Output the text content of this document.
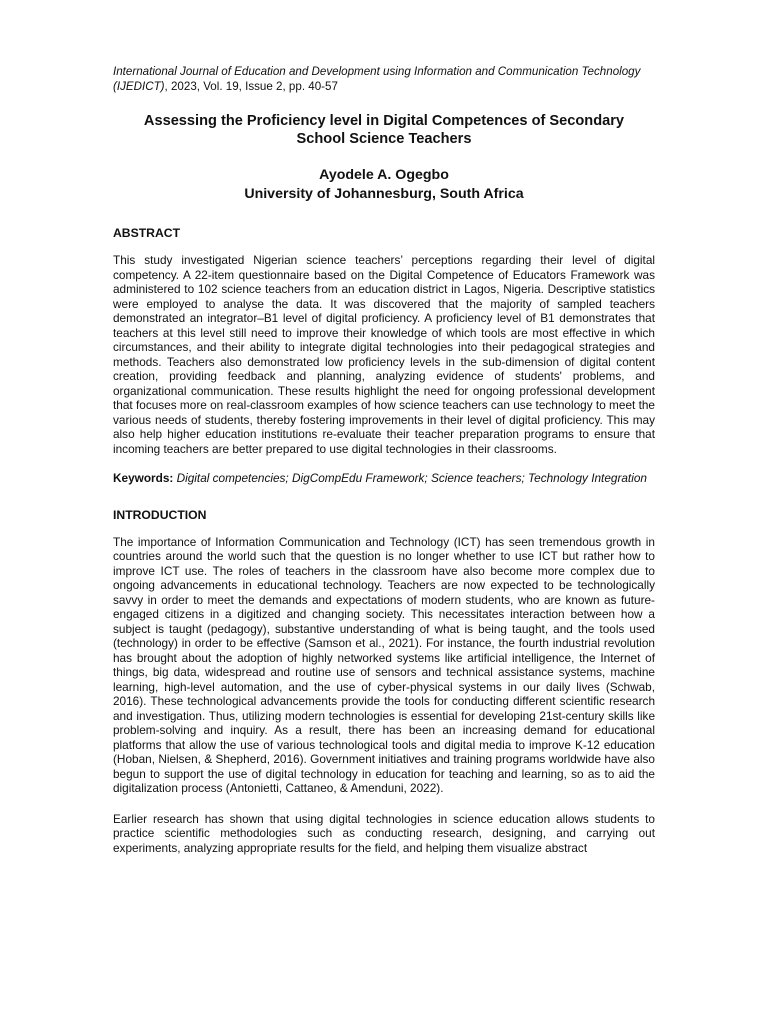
International Journal of Education and Development using Information and Communication Technology (IJEDICT), 2023, Vol. 19, Issue 2, pp. 40-57

Assessing the Proficiency level in Digital Competences of Secondary
School Science Teachers

Ayodele A. Ogegbo

University of Johannesburg, South Africa

ABSTRACT

This study investigated Nigerian science teachers’ perceptions regarding their level of digital competency. A 22-item questionnaire based on the Digital Competence of Educators Framework was administered to 102 science teachers from an education district in Lagos, Nigeria. Descriptive statistics were employed to analyse the data. It was discovered that the majority of sampled teachers demonstrated an integrator–B1 level of digital proficiency. A proficiency level of B1 demonstrates that teachers at this level still need to improve their knowledge of which tools are most effective in which circumstances, and their ability to integrate digital technologies into their pedagogical strategies and methods. Teachers also demonstrated low proficiency levels in the sub-dimension of digital content creation, providing feedback and planning, analyzing evidence of students' problems, and organizational communication. These results highlight the need for ongoing professional development that focuses more on real-classroom examples of how science teachers can use technology to meet the various needs of students, thereby fostering improvements in their level of digital proficiency. This may also help higher education institutions re-evaluate their teacher preparation programs to ensure that incoming teachers are better prepared to use digital technologies in their classrooms.

Keywords: Digital competencies; DigCompEdu Framework; Science teachers; Technology Integration

INTRODUCTION

The importance of Information Communication and Technology (ICT) has seen tremendous growth in countries around the world such that the question is no longer whether to use ICT but rather how to improve ICT use. The roles of teachers in the classroom have also become more complex due to ongoing advancements in educational technology. Teachers are now expected to be technologically savvy in order to meet the demands and expectations of modern students, who are known as future-engaged citizens in a digitized and changing society. This necessitates interaction between how a subject is taught (pedagogy), substantive understanding of what is being taught, and the tools used (technology) in order to be effective (Samson et al., 2021). For instance, the fourth industrial revolution has brought about the adoption of highly networked systems like artificial intelligence, the Internet of things, big data, widespread and routine use of sensors and technical assistance systems, machine learning, high-level automation, and the use of cyber-physical systems in our daily lives (Schwab, 2016). These technological advancements provide the tools for conducting different scientific research and investigation. Thus, utilizing modern technologies is essential for developing 21st-century skills like problem-solving and inquiry. As a result, there has been an increasing demand for educational platforms that allow the use of various technological tools and digital media to improve K-12 education (Hoban, Nielsen, & Shepherd, 2016). Government initiatives and training programs worldwide have also begun to support the use of digital technology in education for teaching and learning, so as to aid the digitalization process (Antonietti, Cattaneo, & Amenduni, 2022).

Earlier research has shown that using digital technologies in science education allows students to practice scientific methodologies such as conducting research, designing, and carrying out experiments, analyzing appropriate results for the field, and helping them visualize abstract
